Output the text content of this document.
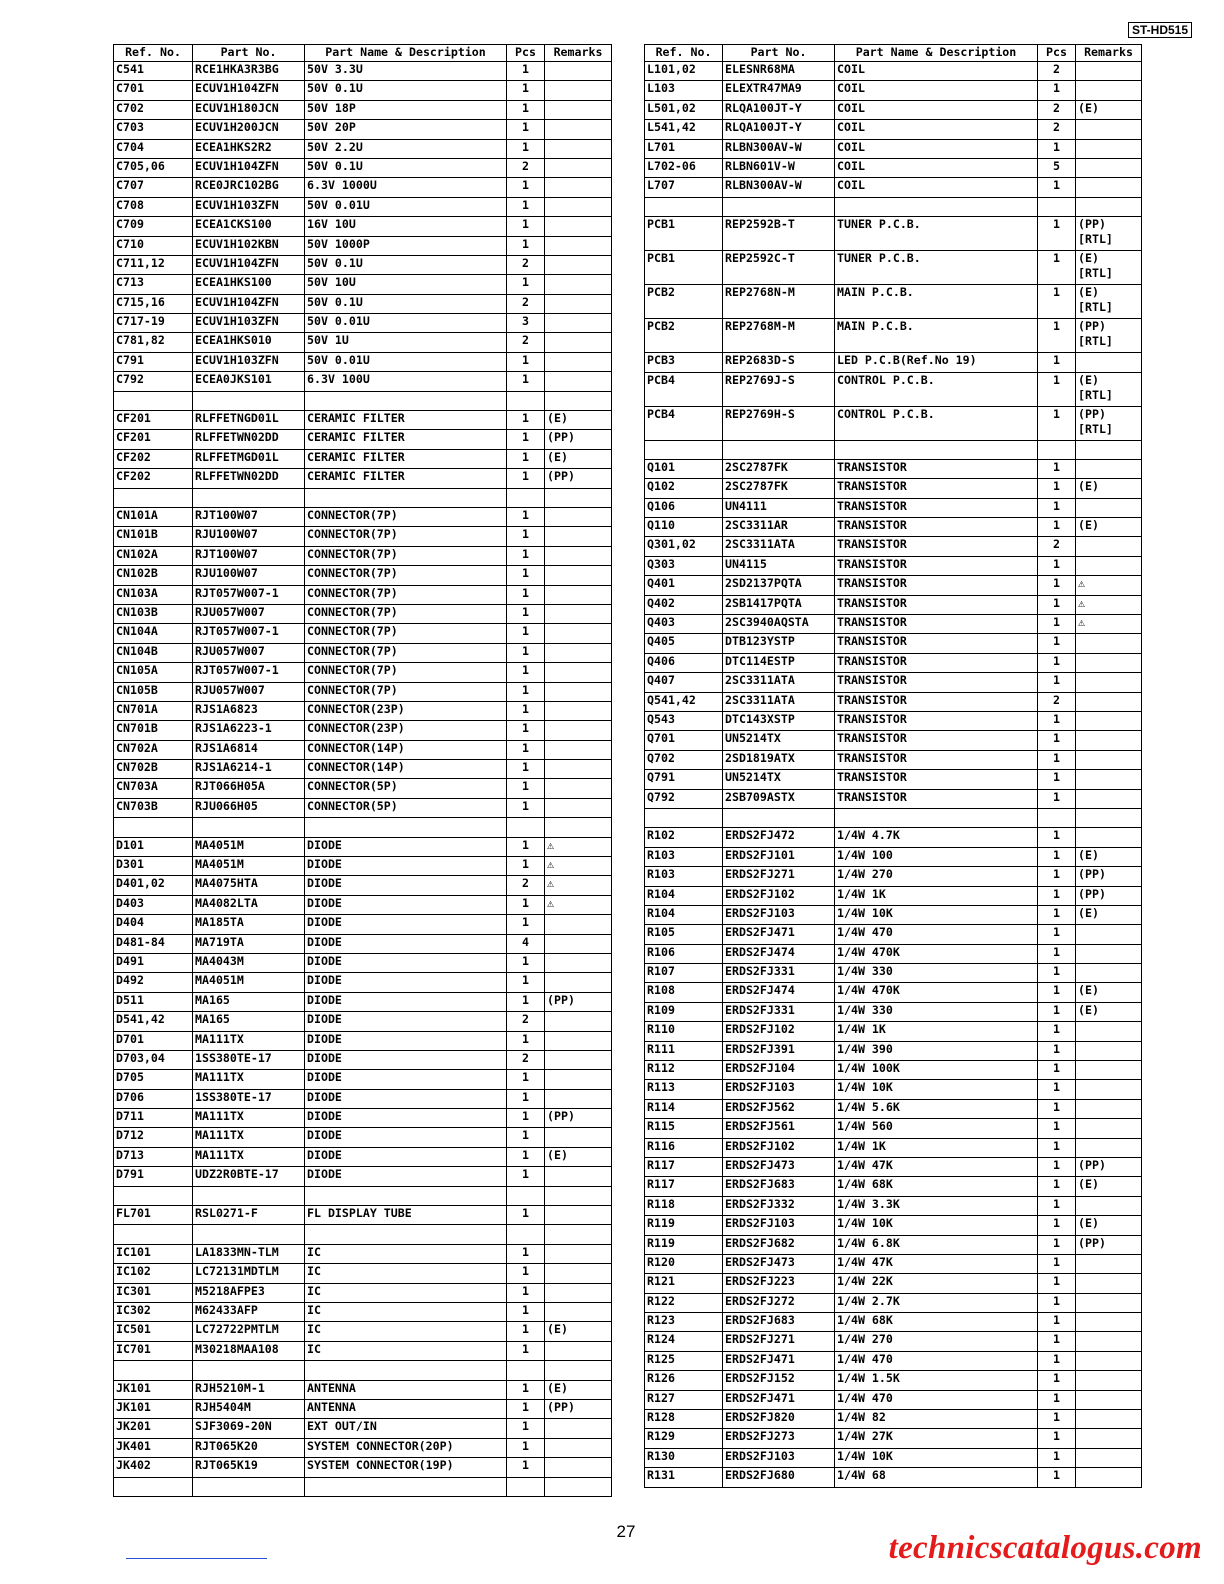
ST-HD515
Ref. No.	Part No.	Part Name & Description	Pcs	Remarks
C541	RCE1HKA3R3BG	50V 3.3U	1	
C701	ECUV1H104ZFN	50V 0.1U	1	
C702	ECUV1H180JCN	50V 18P	1	
C703	ECUV1H200JCN	50V 20P	1	
C704	ECEA1HKS2R2	50V 2.2U	1	
C705,06	ECUV1H104ZFN	50V 0.1U	2	
C707	RCE0JRC102BG	6.3V 1000U	1	
C708	ECUV1H103ZFN	50V 0.01U	1	
C709	ECEA1CKS100	16V 10U	1	
C710	ECUV1H102KBN	50V 1000P	1	
C711,12	ECUV1H104ZFN	50V 0.1U	2	
C713	ECEA1HKS100	50V 10U	1	
C715,16	ECUV1H104ZFN	50V 0.1U	2	
C717-19	ECUV1H103ZFN	50V 0.01U	3	
C781,82	ECEA1HKS010	50V 1U	2	
C791	ECUV1H103ZFN	50V 0.01U	1	
C792	ECEA0JKS101	6.3V 100U	1	

CF201	RLFFETNGD01L	CERAMIC FILTER	1	(E)
CF201	RLFFETWN02DD	CERAMIC FILTER	1	(PP)
CF202	RLFFETMGD01L	CERAMIC FILTER	1	(E)
CF202	RLFFETWN02DD	CERAMIC FILTER	1	(PP)

CN101A	RJT100W07	CONNECTOR(7P)	1	
CN101B	RJU100W07	CONNECTOR(7P)	1	
CN102A	RJT100W07	CONNECTOR(7P)	1	
CN102B	RJU100W07	CONNECTOR(7P)	1	
CN103A	RJT057W007-1	CONNECTOR(7P)	1	
CN103B	RJU057W007	CONNECTOR(7P)	1	
CN104A	RJT057W007-1	CONNECTOR(7P)	1	
CN104B	RJU057W007	CONNECTOR(7P)	1	
CN105A	RJT057W007-1	CONNECTOR(7P)	1	
CN105B	RJU057W007	CONNECTOR(7P)	1	
CN701A	RJS1A6823	CONNECTOR(23P)	1	
CN701B	RJS1A6223-1	CONNECTOR(23P)	1	
CN702A	RJS1A6814	CONNECTOR(14P)	1	
CN702B	RJS1A6214-1	CONNECTOR(14P)	1	
CN703A	RJT066H05A	CONNECTOR(5P)	1	
CN703B	RJU066H05	CONNECTOR(5P)	1	

D101	MA4051M	DIODE	1	⚠
D301	MA4051M	DIODE	1	⚠
D401,02	MA4075HTA	DIODE	2	⚠
D403	MA4082LTA	DIODE	1	⚠
D404	MA185TA	DIODE	1	
D481-84	MA719TA	DIODE	4	
D491	MA4043M	DIODE	1	
D492	MA4051M	DIODE	1	
D511	MA165	DIODE	1	(PP)
D541,42	MA165	DIODE	2	
D701	MA111TX	DIODE	1	
D703,04	1SS380TE-17	DIODE	2	
D705	MA111TX	DIODE	1	
D706	1SS380TE-17	DIODE	1	
D711	MA111TX	DIODE	1	(PP)
D712	MA111TX	DIODE	1	
D713	MA111TX	DIODE	1	(E)
D791	UDZ2R0BTE-17	DIODE	1	

FL701	RSL0271-F	FL DISPLAY TUBE	1	

IC101	LA1833MN-TLM	IC	1	
IC102	LC72131MDTLM	IC	1	
IC301	M5218AFPE3	IC	1	
IC302	M62433AFP	IC	1	
IC501	LC72722PMTLM	IC	1	(E)
IC701	M30218MAA108	IC	1	

JK101	RJH5210M-1	ANTENNA	1	(E)
JK101	RJH5404M	ANTENNA	1	(PP)
JK201	SJF3069-20N	EXT OUT/IN	1	
JK401	RJT065K20	SYSTEM CONNECTOR(20P)	1	
JK402	RJT065K19	SYSTEM CONNECTOR(19P)	1	

Ref. No.	Part No.	Part Name & Description	Pcs	Remarks
L101,02	ELESNR68MA	COIL	2	
L103	ELEXTR47MA9	COIL	1	
L501,02	RLQA100JT-Y	COIL	2	(E)
L541,42	RLQA100JT-Y	COIL	2	
L701	RLBN300AV-W	COIL	1	
L702-06	RLBN601V-W	COIL	5	
L707	RLBN300AV-W	COIL	1	

PCB1	REP2592B-T	TUNER P.C.B.	1	(PP) [RTL]
PCB1	REP2592C-T	TUNER P.C.B.	1	(E) [RTL]
PCB2	REP2768N-M	MAIN P.C.B.	1	(E) [RTL]
PCB2	REP2768M-M	MAIN P.C.B.	1	(PP) [RTL]
PCB3	REP2683D-S	LED P.C.B(Ref.No 19)	1	
PCB4	REP2769J-S	CONTROL P.C.B.	1	(E) [RTL]
PCB4	REP2769H-S	CONTROL P.C.B.	1	(PP) [RTL]

Q101	2SC2787FK	TRANSISTOR	1	
Q102	2SC2787FK	TRANSISTOR	1	(E)
Q106	UN4111	TRANSISTOR	1	
Q110	2SC3311AR	TRANSISTOR	1	(E)
Q301,02	2SC3311ATA	TRANSISTOR	2	
Q303	UN4115	TRANSISTOR	1	
Q401	2SD2137PQTA	TRANSISTOR	1	⚠
Q402	2SB1417PQTA	TRANSISTOR	1	⚠
Q403	2SC3940AQSTA	TRANSISTOR	1	⚠
Q405	DTB123YSTP	TRANSISTOR	1	
Q406	DTC114ESTP	TRANSISTOR	1	
Q407	2SC3311ATA	TRANSISTOR	1	
Q541,42	2SC3311ATA	TRANSISTOR	2	
Q543	DTC143XSTP	TRANSISTOR	1	
Q701	UN5214TX	TRANSISTOR	1	
Q702	2SD1819ATX	TRANSISTOR	1	
Q791	UN5214TX	TRANSISTOR	1	
Q792	2SB709ASTX	TRANSISTOR	1	

R102	ERDS2FJ472	1/4W 4.7K	1	
R103	ERDS2FJ101	1/4W 100	1	(E)
R103	ERDS2FJ271	1/4W 270	1	(PP)
R104	ERDS2FJ102	1/4W 1K	1	(PP)
R104	ERDS2FJ103	1/4W 10K	1	(E)
R105	ERDS2FJ471	1/4W 470	1	
R106	ERDS2FJ474	1/4W 470K	1	
R107	ERDS2FJ331	1/4W 330	1	
R108	ERDS2FJ474	1/4W 470K	1	(E)
R109	ERDS2FJ331	1/4W 330	1	(E)
R110	ERDS2FJ102	1/4W 1K	1	
R111	ERDS2FJ391	1/4W 390	1	
R112	ERDS2FJ104	1/4W 100K	1	
R113	ERDS2FJ103	1/4W 10K	1	
R114	ERDS2FJ562	1/4W 5.6K	1	
R115	ERDS2FJ561	1/4W 560	1	
R116	ERDS2FJ102	1/4W 1K	1	
R117	ERDS2FJ473	1/4W 47K	1	(PP)
R117	ERDS2FJ683	1/4W 68K	1	(E)
R118	ERDS2FJ332	1/4W 3.3K	1	
R119	ERDS2FJ103	1/4W 10K	1	(E)
R119	ERDS2FJ682	1/4W 6.8K	1	(PP)
R120	ERDS2FJ473	1/4W 47K	1	
R121	ERDS2FJ223	1/4W 22K	1	
R122	ERDS2FJ272	1/4W 2.7K	1	
R123	ERDS2FJ683	1/4W 68K	1	
R124	ERDS2FJ271	1/4W 270	1	
R125	ERDS2FJ471	1/4W 470	1	
R126	ERDS2FJ152	1/4W 1.5K	1	
R127	ERDS2FJ471	1/4W 470	1	
R128	ERDS2FJ820	1/4W 82	1	
R129	ERDS2FJ273	1/4W 27K	1	
R130	ERDS2FJ103	1/4W 10K	1	
R131	ERDS2FJ680	1/4W 68	1	
27	technicscatalogus.com
